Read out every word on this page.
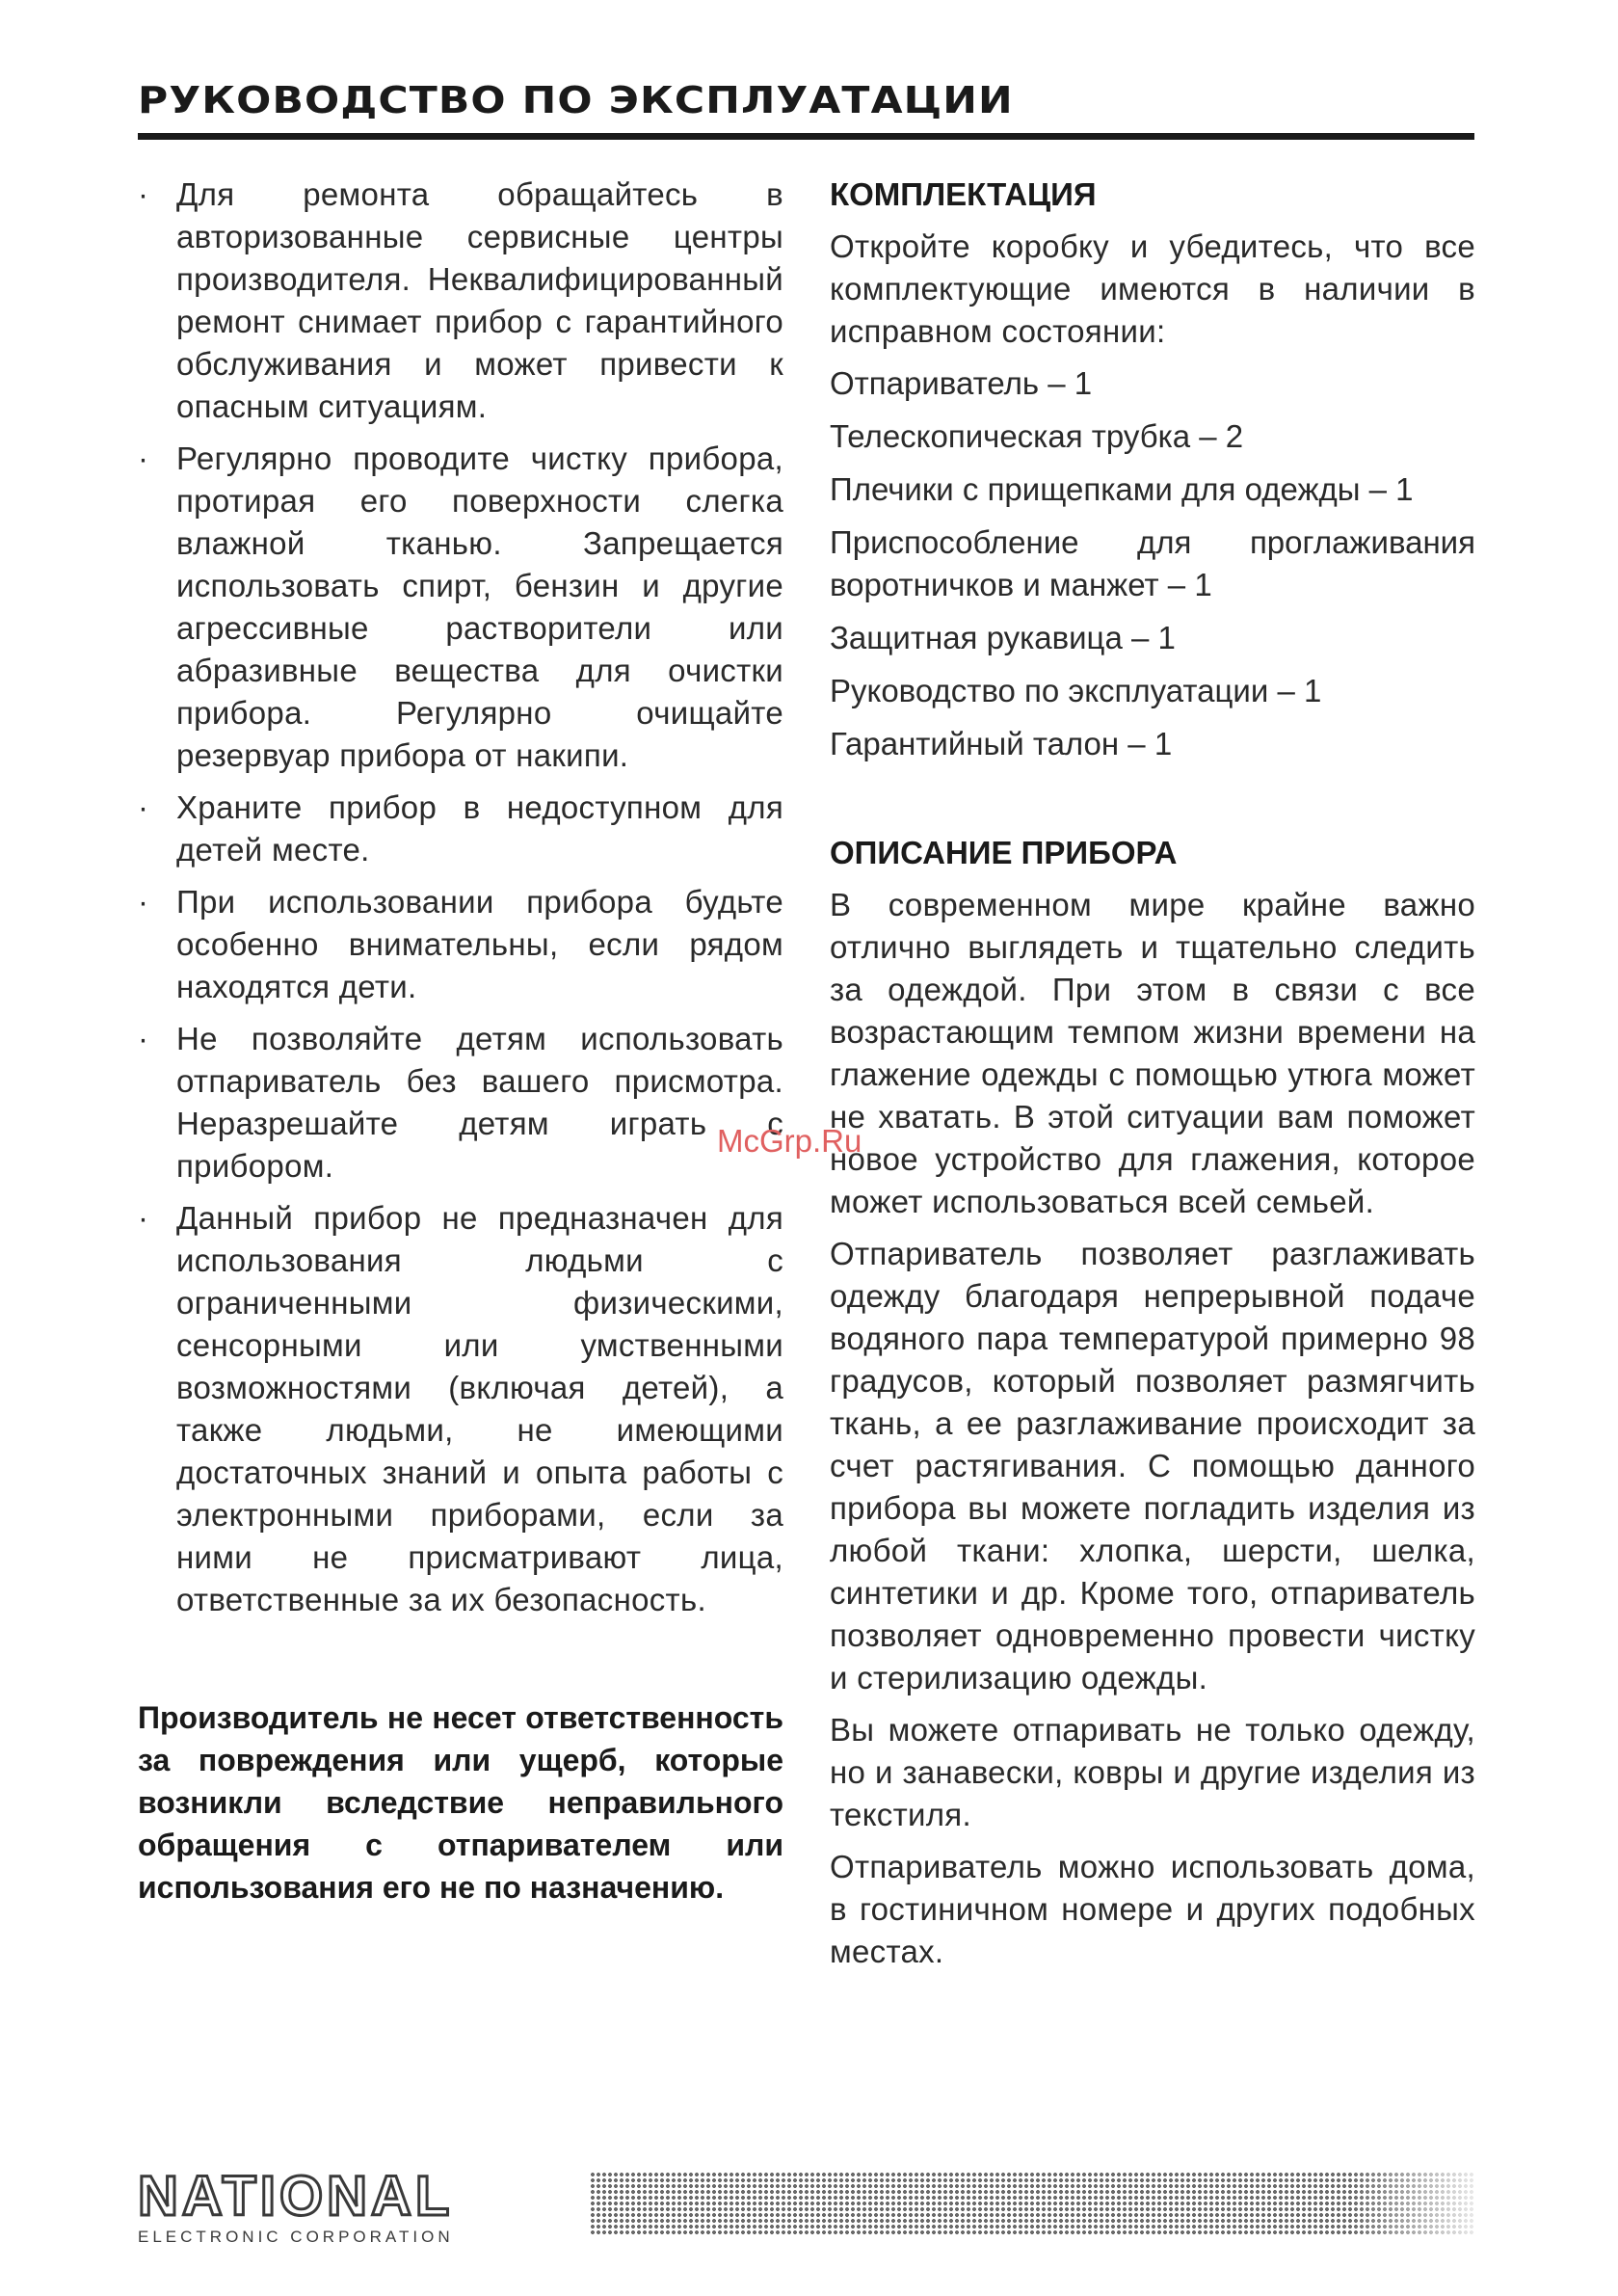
РУКОВОДСТВО ПО ЭКСПЛУАТАЦИИ
· Для ремонта обращайтесь в авторизованные сервисные центры производителя. Неквалифицированный ремонт снимает прибор с гарантийного обслуживания и может привести к опасным ситуациям.
· Регулярно проводите чистку прибора, протирая его поверхности слегка влажной тканью. Запрещается использовать спирт, бензин и другие агрессивные растворители или абразивные вещества для очистки прибора. Регулярно очищайте резервуар прибора от накипи.
· Храните прибор в недоступном для детей месте.
· При использовании прибора будьте особенно внимательны, если рядом находятся дети.
· Не позволяйте детям использовать отпариватель без вашего присмотра. Неразрешайте детям играть с прибором.
· Данный прибор не предназначен для использования людьми с ограниченными физическими, сенсорными или умственными возможностями (включая детей), а также людьми, не имеющими достаточных знаний и опыта работы с электронными приборами, если за ними не присматривают лица, ответственные за их безопасность.

Производитель не несет ответственность за повреждения или ущерб, которые возникли вследствие неправильного обращения с отпаривателем или использования его не по назначению.

КОМПЛЕКТАЦИЯ

Откройте коробку и убедитесь, что все комплектующие имеются в наличии в исправном состоянии:

Отпариватель – 1
Телескопическая трубка – 2
Плечики с прищепками для одежды – 1
Приспособление для проглаживания воротничков и манжет – 1
Защитная рукавица – 1
Руководство по эксплуатации – 1
Гарантийный талон – 1
ОПИСАНИЕ ПРИБОРА

В современном мире крайне важно отлично выглядеть и тщательно следить за одеждой. При этом в связи с все возрастающим темпом жизни времени на глажение одежды с помощью утюга может не хватать. В этой ситуации вам поможет новое устройство для глажения, которое может использоваться всей семьей.

Отпариватель позволяет разглаживать одежду благодаря непрерывной подаче водяного пара температурой примерно 98 градусов, который позволяет размягчить ткань, а ее разглаживание происходит за счет растягивания. С помощью данного прибора вы можете погладить изделия из любой ткани: хлопка, шерсти, шелка, синтетики и др. Кроме того, отпариватель позволяет одновременно провести чистку и стерилизацию одежды.

Вы можете отпаривать не только одежду, но и занавески, ковры и другие изделия из текстиля.

Отпариватель можно использовать дома, в гостиничном номере и других подобных местах.

McGrp.Ru
NATIONAL
ELECTRONIC CORPORATION
